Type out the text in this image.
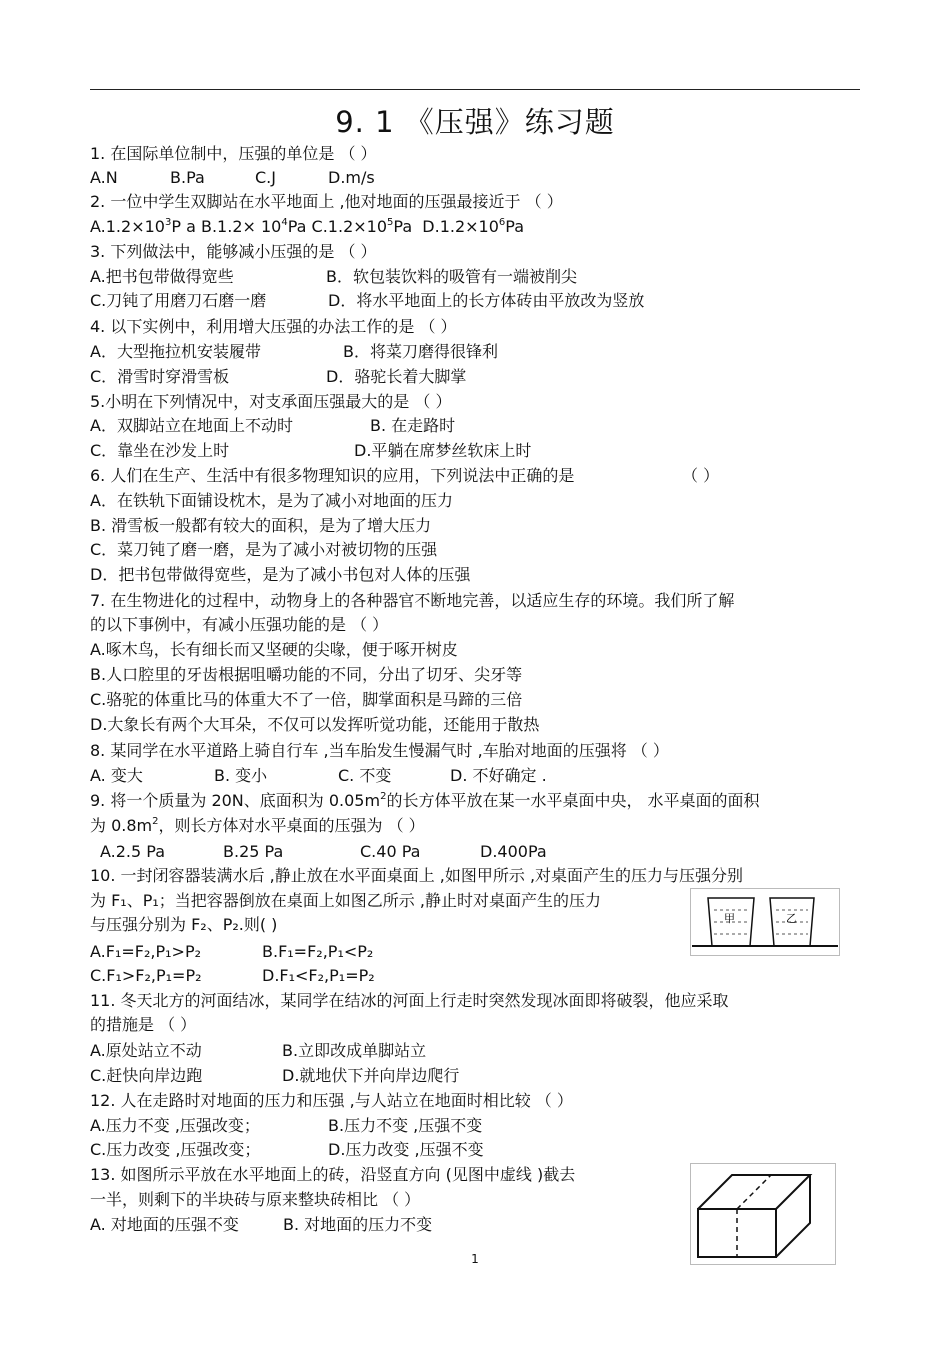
9. 1 《压强》练习题
1. 在国际单位制中，压强的单位是 （ ）
A.N	B.Pa	C.J	D.m/s
2. 一位中学生双脚站在水平地面上 ,他对地面的压强最接近于 （ ）
$A.1.2\times 10^3P$ a $B.1.2\times 10^4Pa$ $C.1.2\times 10^5Pa$ $D.1.2\times 10^6Pa$
3. 下列做法中，能够减小压强的是 （ ）
A.把书包带做得宽些	B．软包装饮料的吸管有一端被削尖
C.刀钝了用磨刀石磨一磨	D．将水平地面上的长方体砖由平放改为竖放
4. 以下实例中，利用增大压强的办法工作的是 （ ）
A．大型拖拉机安装履带	B．将菜刀磨得很锋利
C．滑雪时穿滑雪板	D．骆驼长着大脚掌
5.小明在下列情况中，对支承面压强最大的是 （ ）
A．双脚站立在地面上不动时	B. 在走路时
C．靠坐在沙发上时	D.平躺在席梦丝软床上时
6. 人们在生产、生活中有很多物理知识的应用，下列说法中正确的是	（ ）
A．在铁轨下面铺设枕木，是为了减小对地面的压力
B. 滑雪板一般都有较大的面积，是为了增大压力
C．菜刀钝了磨一磨，是为了减小对被切物的压强
D．把书包带做得宽些，是为了减小书包对人体的压强
7. 在生物进化的过程中，动物身上的各种器官不断地完善，以适应生存的环境。我们所了解
的以下事例中，有减小压强功能的是 （ ）
A.啄木鸟，长有细长而又坚硬的尖喙，便于啄开树皮
B.人口腔里的牙齿根据咀嚼功能的不同，分出了切牙、尖牙等
C.骆驼的体重比马的体重大不了一倍，脚掌面积是马蹄的三倍
D.大象长有两个大耳朵，不仅可以发挥听觉功能，还能用于散热
8. 某同学在水平道路上骑自行车 ,当车胎发生慢漏气时 ,车胎对地面的压强将 （ ）
A. 变大	B. 变小	C. 不变	D. 不好确定 .
9. 将一个质量为 20N、底面积为 $0.05m^2$的长方体平放在某一水平桌面中央， 水平桌面的面积
为 $0.8m^2$，则长方体对水平桌面的压强为 （ ）
A.2.5 Pa	B.25 Pa	C.40 Pa	D.400Pa
10. 一封闭容器装满水后 ,静止放在水平面桌面上 ,如图甲所示 ,对桌面产生的压力与压强分别
为 F₁、P₁；当把容器倒放在桌面上如图乙所示 ,静止时对桌面产生的压力
与压强分别为 F₂、P₂.则( )
A.F₁=F₂,P₁>P₂	B.F₁=F₂,P₁<P₂
C.F₁>F₂,P₁=P₂	D.F₁<F₂,P₁=P₂
甲	乙
11. 冬天北方的河面结冰，某同学在结冰的河面上行走时突然发现冰面即将破裂，他应采取
的措施是 （ ）
A.原处站立不动	B.立即改成单脚站立
C.赶快向岸边跑	D.就地伏下并向岸边爬行
12. 人在走路时对地面的压力和压强 ,与人站立在地面时相比较 （ ）
A.压力不变 ,压强改变；	B.压力不变 ,压强不变
C.压力改变 ,压强改变；	D.压力改变 ,压强不变
13. 如图所示平放在水平地面上的砖，沿竖直方向 (见图中虚线 )截去
一半，则剩下的半块砖与原来整块砖相比 （ ）
A. 对地面的压强不变	B. 对地面的压力不变
1
